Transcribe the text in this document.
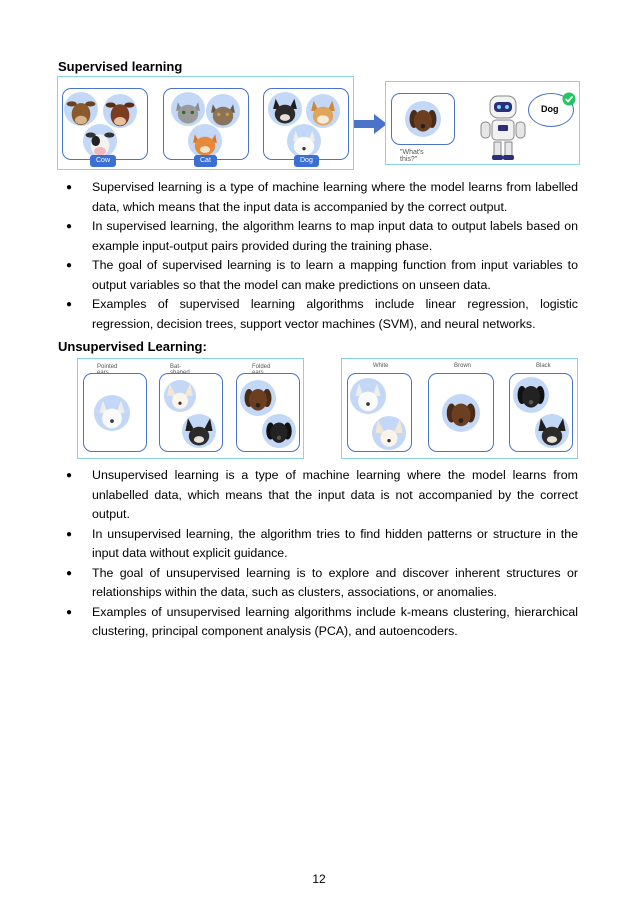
Supervised learning
Cow	Cat	Dog
"What's this?"
Dog
● Supervised learning is a type of machine learning where the model learns from labelled data, which means that the input data is accompanied by the correct output.
● In supervised learning, the algorithm learns to map input data to output labels based on example input-output pairs provided during the training phase.
● The goal of supervised learning is to learn a mapping function from input variables to output variables so that the model can make predictions on unseen data.
● Examples of supervised learning algorithms include linear regression, logistic regression, decision trees, support vector machines (SVM), and neural networks.
Unsupervised Learning:
Pointed	Bat-	Folded	White	Brown	Black
● Unsupervised learning is a type of machine learning where the model learns from unlabelled data, which means that the input data is not accompanied by the correct output.
● In unsupervised learning, the algorithm tries to find hidden patterns or structure in the input data without explicit guidance.
● The goal of unsupervised learning is to explore and discover inherent structures or relationships within the data, such as clusters, associations, or anomalies.
● Examples of unsupervised learning algorithms include k-means clustering, hierarchical clustering, principal component analysis (PCA), and autoencoders.
12
